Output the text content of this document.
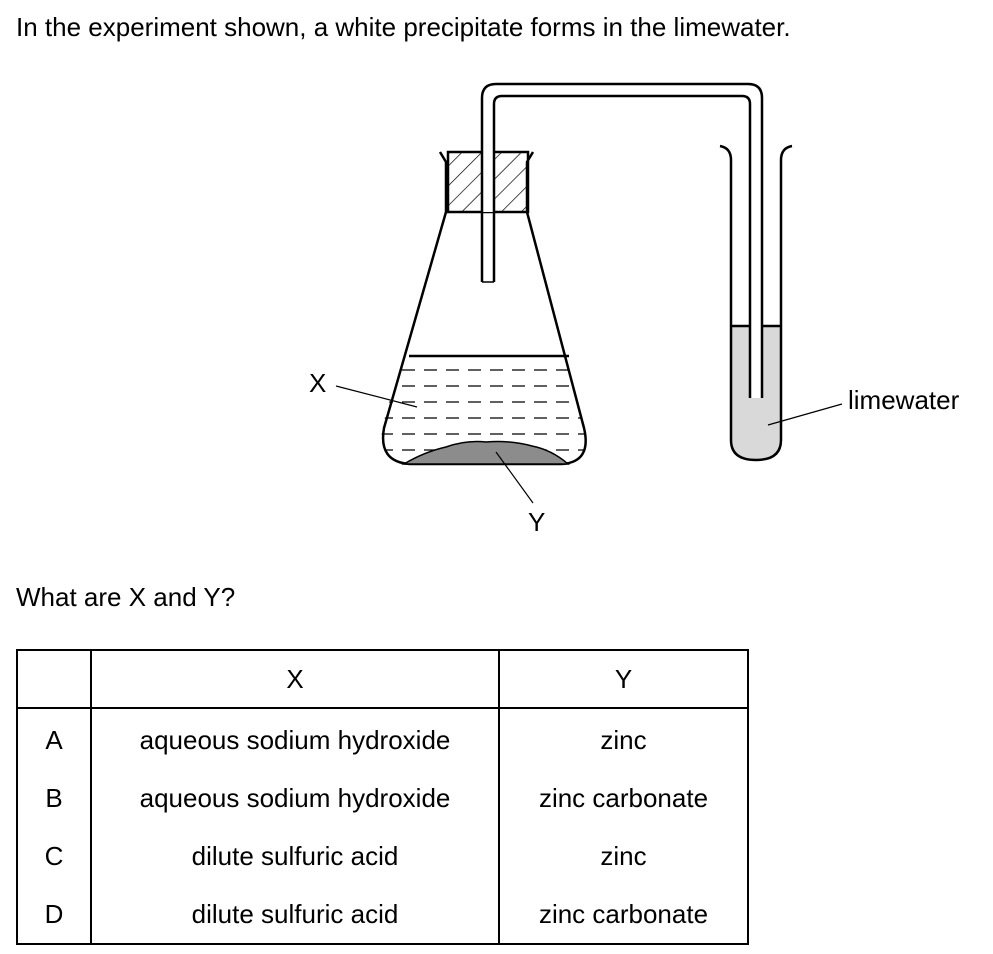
In the experiment shown, a white precipitate forms in the limewater.
X
Y
limewater
What are X and Y?
	X	Y
A	aqueous sodium hydroxide	zinc
B	aqueous sodium hydroxide	zinc carbonate
C	dilute sulfuric acid	zinc
D	dilute sulfuric acid	zinc carbonate
